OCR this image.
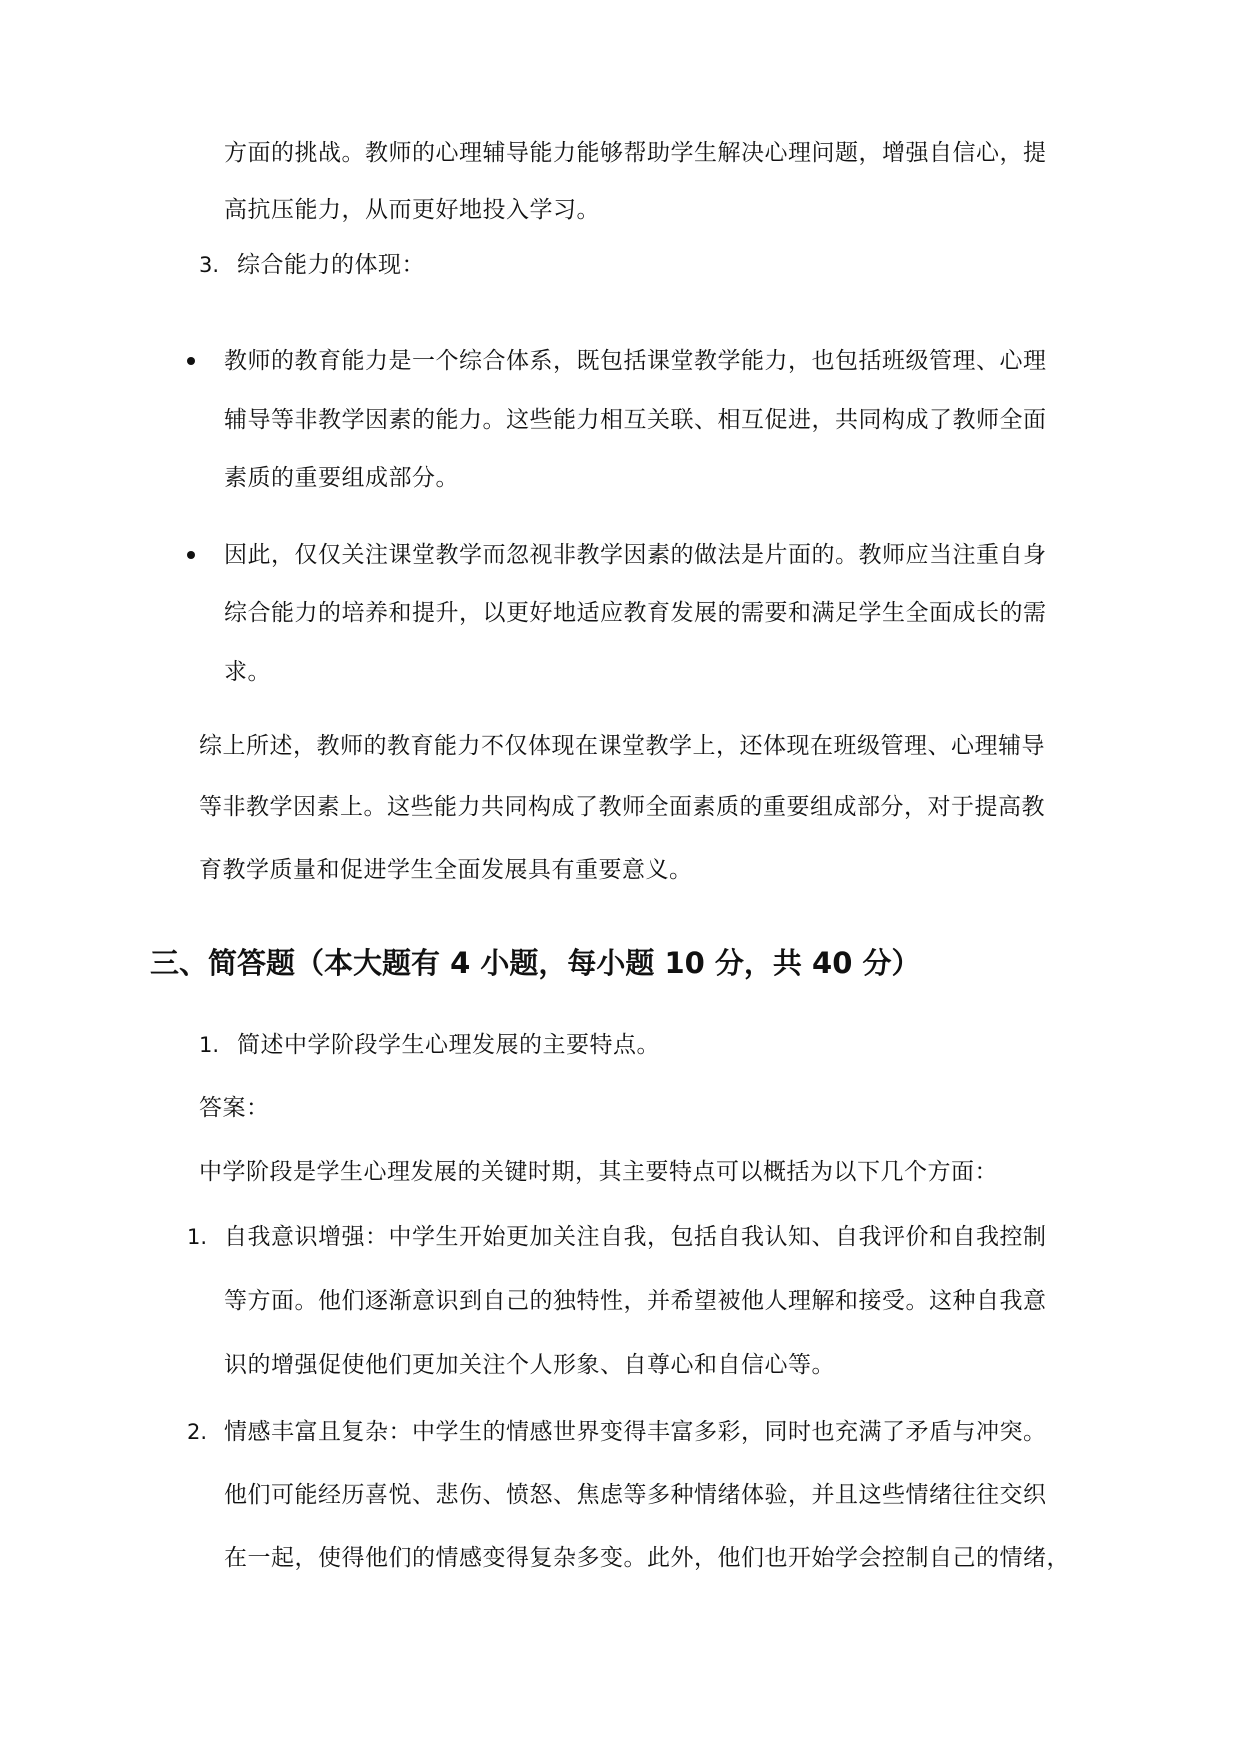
方面的挑战。教师的心理辅导能力能够帮助学生解决心理问题，增强自信心，提
高抗压能力，从而更好地投入学习。
3. 综合能力的体现：
教师的教育能力是一个综合体系，既包括课堂教学能力，也包括班级管理、心理
辅导等非教学因素的能力。这些能力相互关联、相互促进，共同构成了教师全面
素质的重要组成部分。
因此，仅仅关注课堂教学而忽视非教学因素的做法是片面的。教师应当注重自身
综合能力的培养和提升，以更好地适应教育发展的需要和满足学生全面成长的需
求。
综上所述，教师的教育能力不仅体现在课堂教学上，还体现在班级管理、心理辅导
等非教学因素上。这些能力共同构成了教师全面素质的重要组成部分，对于提高教
育教学质量和促进学生全面发展具有重要意义。
三、简答题（本大题有 4 小题，每小题 10 分，共 40 分）
1. 简述中学阶段学生心理发展的主要特点。
答案：
中学阶段是学生心理发展的关键时期，其主要特点可以概括为以下几个方面：
1. 自我意识增强：中学生开始更加关注自我，包括自我认知、自我评价和自我控制
等方面。他们逐渐意识到自己的独特性，并希望被他人理解和接受。这种自我意
识的增强促使他们更加关注个人形象、自尊心和自信心等。
2. 情感丰富且复杂：中学生的情感世界变得丰富多彩，同时也充满了矛盾与冲突。
他们可能经历喜悦、悲伤、愤怒、焦虑等多种情绪体验，并且这些情绪往往交织
在一起，使得他们的情感变得复杂多变。此外，他们也开始学会控制自己的情绪，
